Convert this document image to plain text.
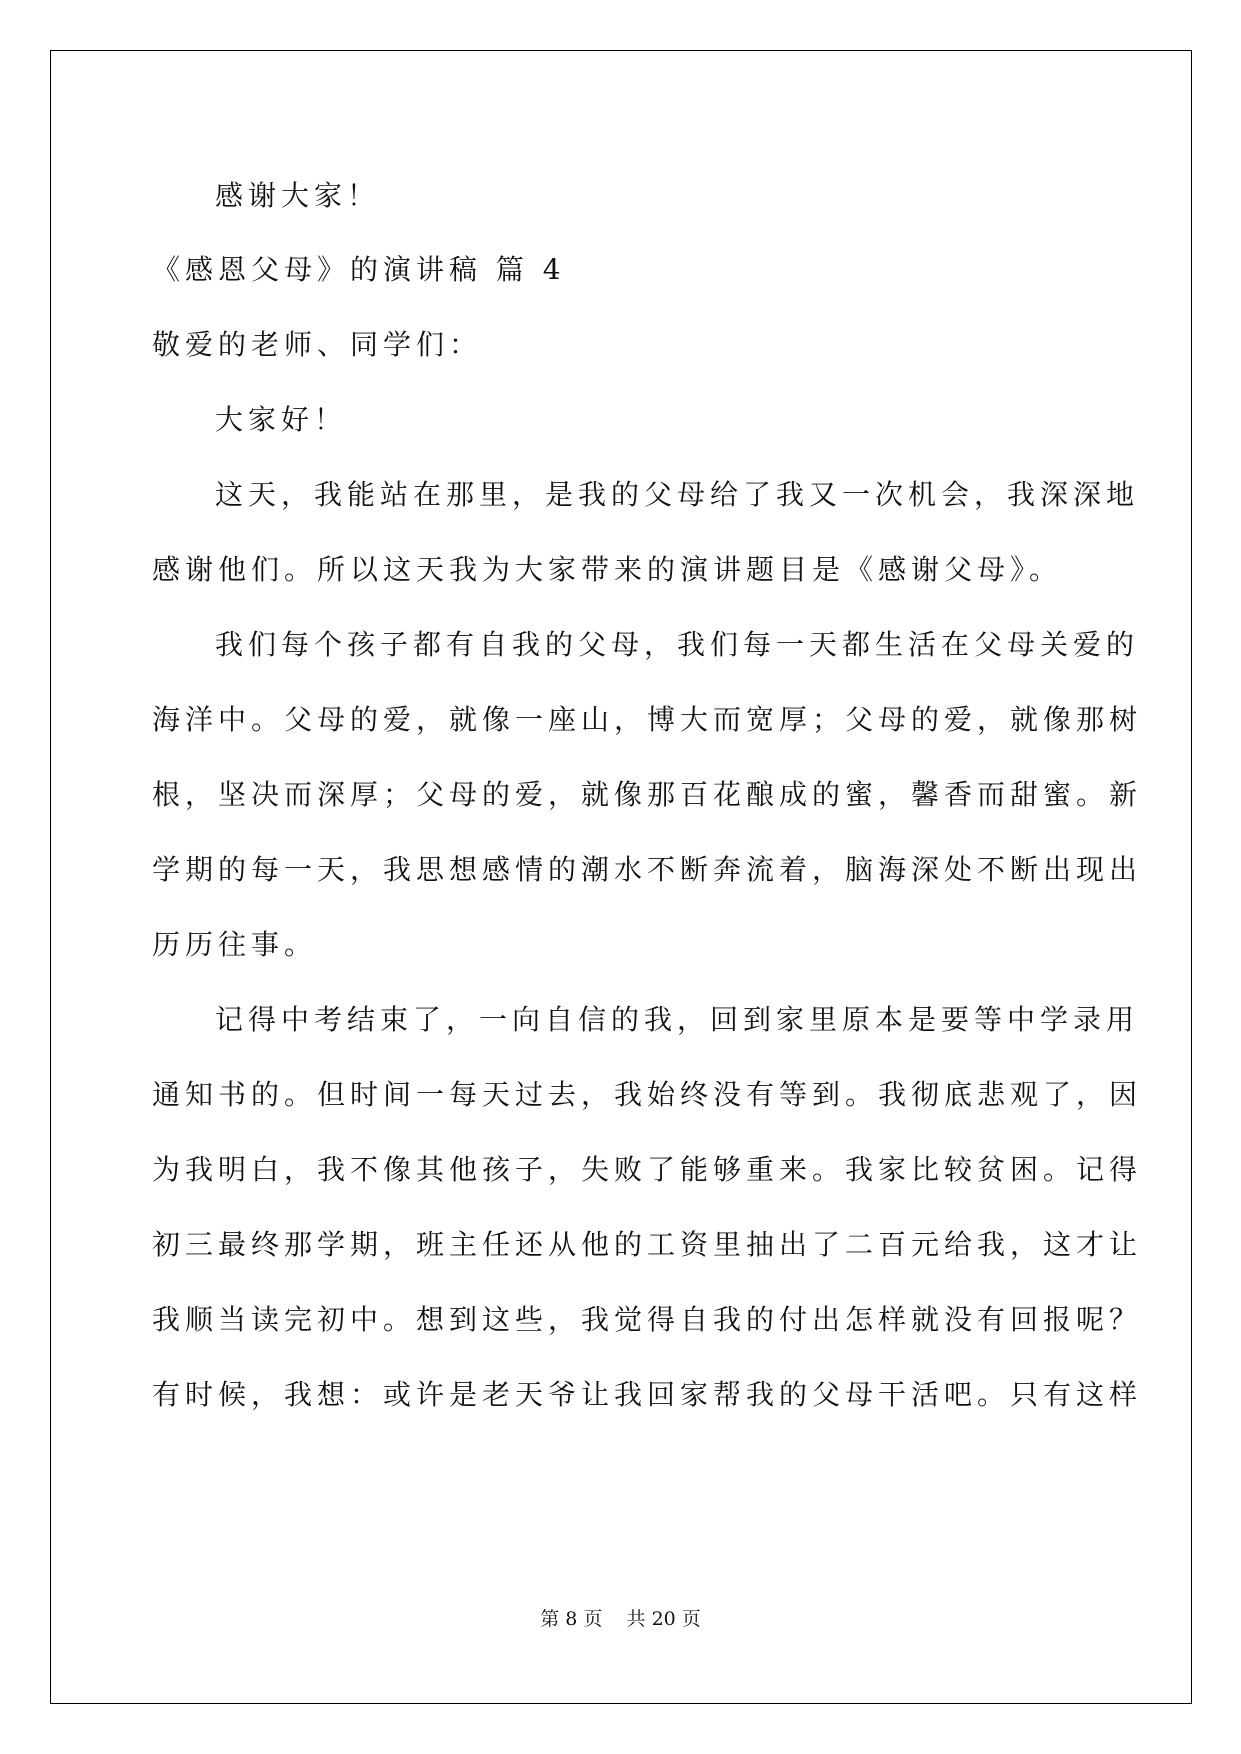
感谢大家！
《感恩父母》的演讲稿 篇 4
敬爱的老师、同学们：
大家好！
这天，我能站在那里，是我的父母给了我又一次机会，我深深地
感谢他们。所以这天我为大家带来的演讲题目是《感谢父母》。
我们每个孩子都有自我的父母，我们每一天都生活在父母关爱的
海洋中。父母的爱，就像一座山，博大而宽厚；父母的爱，就像那树
根，坚决而深厚；父母的爱，就像那百花酿成的蜜，馨香而甜蜜。新
学期的每一天，我思想感情的潮水不断奔流着，脑海深处不断出现出
历历往事。
记得中考结束了，一向自信的我，回到家里原本是要等中学录用
通知书的。但时间一每天过去，我始终没有等到。我彻底悲观了，因
为我明白，我不像其他孩子，失败了能够重来。我家比较贫困。记得
初三最终那学期，班主任还从他的工资里抽出了二百元给我，这才让
我顺当读完初中。想到这些，我觉得自我的付出怎样就没有回报呢？
有时候，我想：或许是老天爷让我回家帮我的父母干活吧。只有这样
第 8 页 共 20 页
